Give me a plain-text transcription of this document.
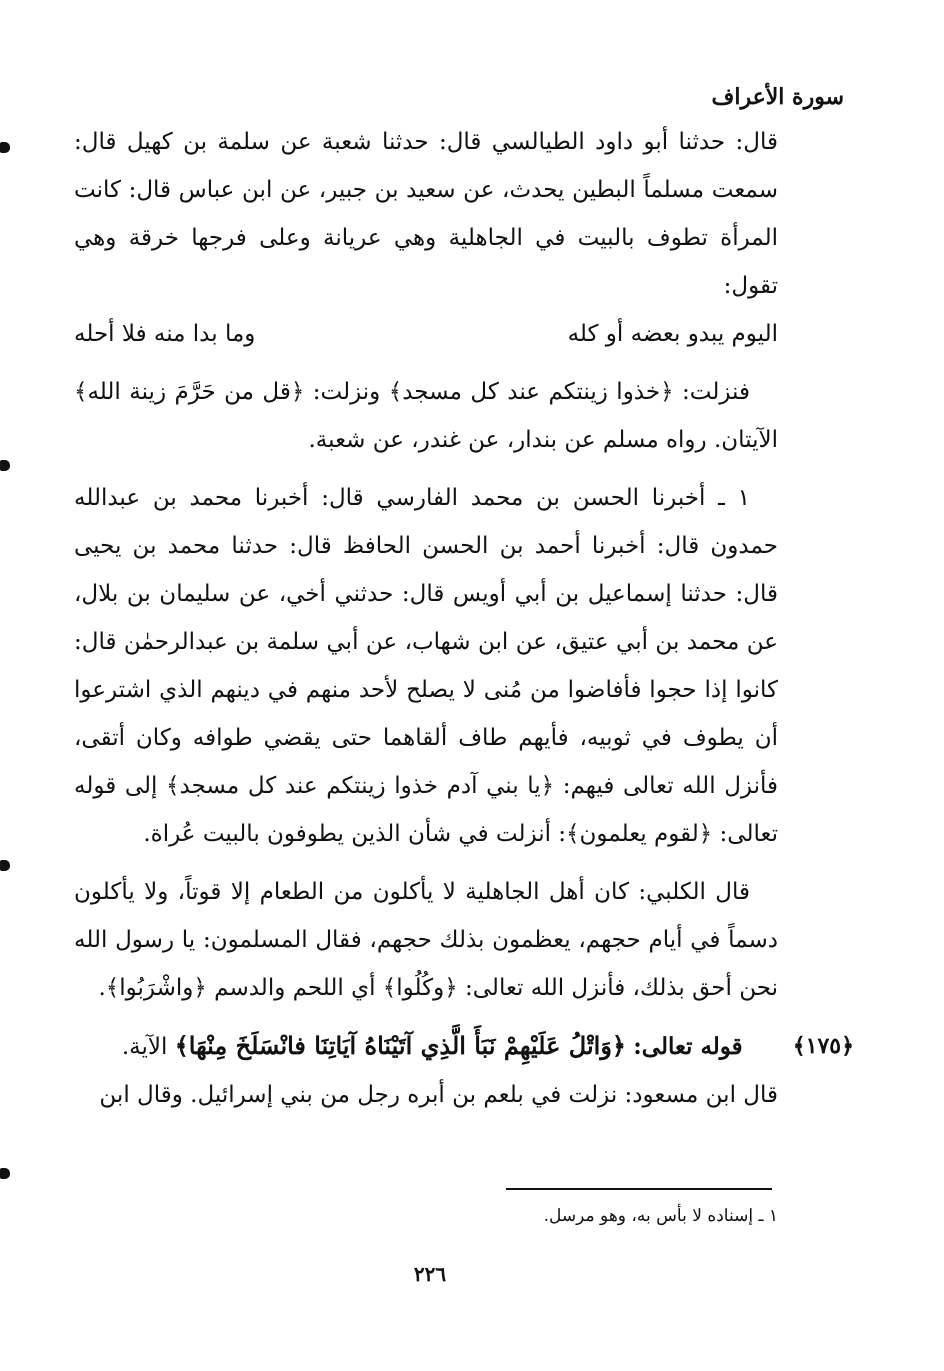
سورة الأعراف

قال: حدثنا أبو داود الطيالسي قال: حدثنا شعبة عن سلمة بن كهيل قال: سمعت مسلماً البطين يحدث، عن سعيد بن جبير، عن ابن عباس قال: كانت المرأة تطوف بالبيت في الجاهلية وهي عريانة وعلى فرجها خرقة وهي تقول:

اليوم يبدو بعضه أو كله
وما بدا منه فلا أحله

فنزلت: ﴿خذوا زينتكم عند كل مسجد﴾ ونزلت: ﴿قل من حَرَّمَ زينة الله﴾ الآيتان. رواه مسلم عن بندار، عن غندر، عن شعبة.

١ ـ أخبرنا الحسن بن محمد الفارسي قال: أخبرنا محمد بن عبدالله حمدون قال: أخبرنا أحمد بن الحسن الحافظ قال: حدثنا محمد بن يحيى قال: حدثنا إسماعيل بن أبي أويس قال: حدثني أخي، عن سليمان بن بلال، عن محمد بن أبي عتيق، عن ابن شهاب، عن أبي سلمة بن عبدالرحمٰن قال: كانوا إذا حجوا فأفاضوا من مُنى لا يصلح لأحد منهم في دينهم الذي اشترعوا أن يطوف في ثوبيه، فأيهم طاف ألقاهما حتى يقضي طوافه وكان أتقى، فأنزل الله تعالى فيهم: ﴿يا بني آدم خذوا زينتكم عند كل مسجد﴾ إلى قوله تعالى: ﴿لقوم يعلمون﴾: أنزلت في شأن الذين يطوفون بالبيت عُراة.

قال الكلبي: كان أهل الجاهلية لا يأكلون من الطعام إلا قوتاً، ولا يأكلون دسماً في أيام حجهم، يعظمون بذلك حجهم، فقال المسلمون: يا رسول الله نحن أحق بذلك، فأنزل الله تعالى: ﴿وكُلُوا﴾ أي اللحم والدسم ﴿واشْرَبُوا﴾.

﴿١٧٥﴾
قوله تعالى: ﴿وَاتْلُ عَلَيْهِمْ نَبَأَ الَّذِي آتَيْنَاهُ آيَاتِنَا فانْسَلَخَ مِنْهَا﴾ الآية.

قال ابن مسعود: نزلت في بلعم بن أبره رجل من بني إسرائيل. وقال ابن

١ ـ إسناده لا بأس به، وهو مرسل.
٢٢٦
